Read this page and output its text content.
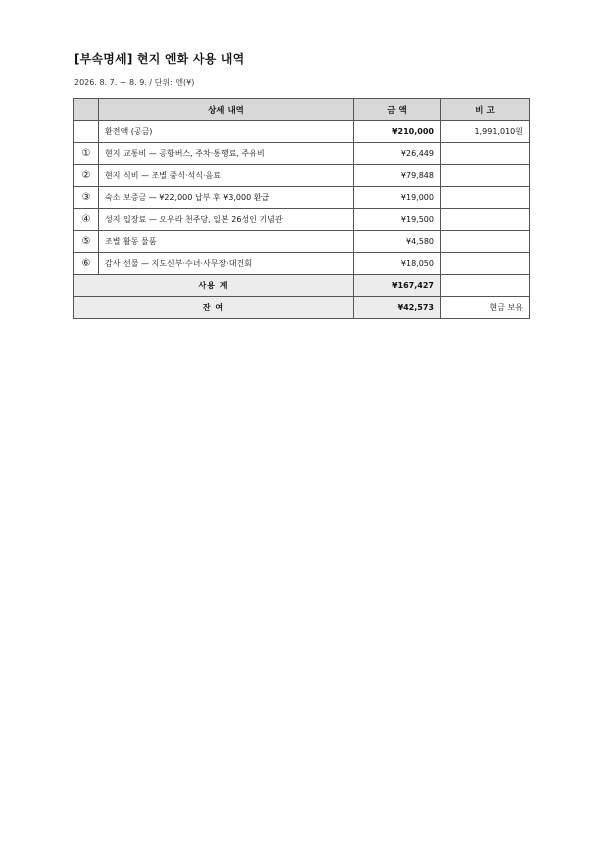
[부속명세] 현지 엔화 사용 내역
2026. 8. 7. ~ 8. 9. / 단위: 엔(¥)
	상세 내역	금 액	비 고
	환전액 (공금)	¥210,000	1,991,010원
①	현지 교통비 — 공항버스, 주차·통행료, 주유비	¥26,449	
②	현지 식비 — 조별 중식·석식·음료	¥79,848	
③	숙소 보증금 — ¥22,000 납부 후 ¥3,000 환급	¥19,000	
④	성지 입장료 — 오우라 천주당, 일본 26성인 기념관	¥19,500	
⑤	조별 활동 물품	¥4,580	
⑥	감사 선물 — 지도신부·수녀·사무장·대건회	¥18,050	
사용 계		¥167,427	
잔 여		¥42,573	현금 보유
